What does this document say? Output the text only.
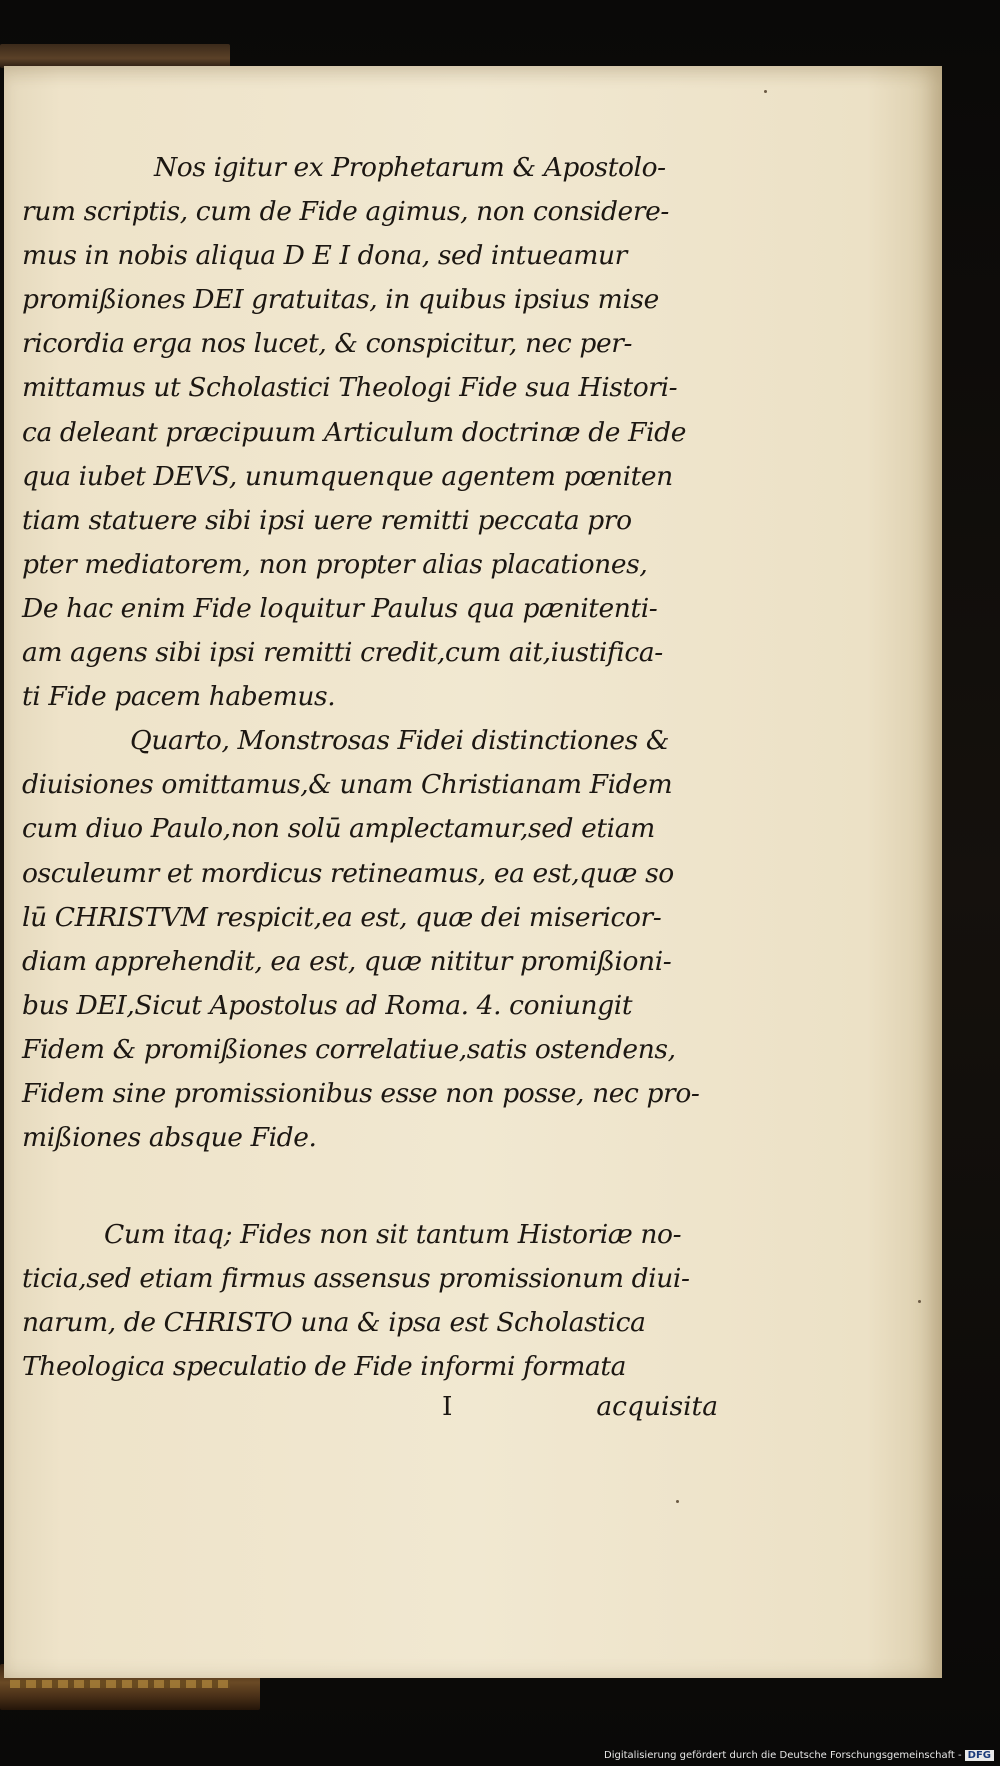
Nos igitur ex Prophetarum & Apostolo-
rum scriptis, cum de Fide agimus, non considere-
mus in nobis aliqua D E I dona, sed intueamur
promißiones DEI gratuitas, in quibus ipsius mise
ricordia erga nos lucet, & conspicitur, nec per-
mittamus ut Scholastici Theologi Fide sua Histori-
ca deleant præcipuum Articulum doctrinæ de Fide
qua iubet DEVS, unumquenque agentem pœniten
tiam statuere sibi ipsi uere remitti peccata pro
pter mediatorem, non propter alias placationes,
De hac enim Fide loquitur Paulus qua pænitenti-
am agens sibi ipsi remitti credit,cum ait,iustifica-
ti Fide pacem habemus.
Quarto, Monstrosas Fidei distinctiones &
diuisiones omittamus,& unam Christianam Fidem
cum diuo Paulo,non solū amplectamur,sed etiam
osculeumr et mordicus retineamus, ea est,quæ so
lū CHRISTVM respicit,ea est, quæ dei misericor-
diam apprehendit, ea est, quæ nititur promißioni-
bus DEI,Sicut Apostolus ad Roma. 4. coniungit
Fidem & promißiones correlatiue,satis ostendens,
Fidem sine promissionibus esse non posse, nec pro-
mißiones absque Fide.
Cum itaq; Fides non sit tantum Historiæ no-
ticia,sed etiam firmus assensus promissionum diui-
narum, de CHRISTO una & ipsa est Scholastica
Theologica speculatio de Fide informi formata
I	acquisita
Digitalisierung gefördert durch die Deutsche Forschungsgemeinschaft - DFG
